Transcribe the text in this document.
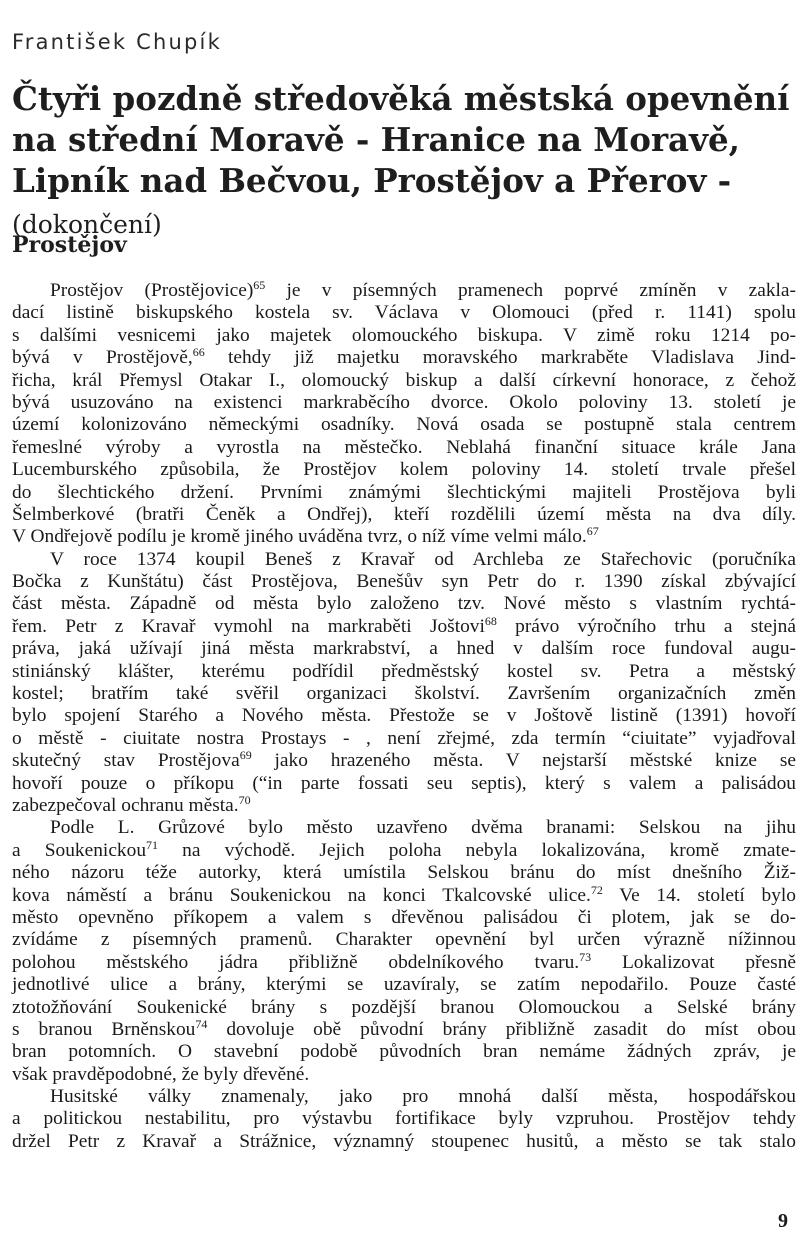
František Chupík
Čtyři pozdně středověká městská opevnění na střední Moravě - Hranice na Moravě, Lipník nad Bečvou, Prostějov a Přerov - (dokončení)
Prostějov
Prostějov (Prostějovice)$^{65}$ je v písemných pramenech poprvé zmíněn v zakla-
dací listině biskupského kostela sv. Václava v Olomouci (před r. 1141) spolu
s dalšími vesnicemi jako majetek olomouckého biskupa. V zimě roku 1214 po-
bývá v Prostějově,$^{66}$ tehdy již majetku moravského markraběte Vladislava Jind-
řicha, král Přemysl Otakar I., olomoucký biskup a další církevní honorace, z čehož
bývá usuzováno na existenci markraběcího dvorce. Okolo poloviny 13. století je
území kolonizováno německými osadníky. Nová osada se postupně stala centrem
řemeslné výroby a vyrostla na městečko. Neblahá finanční situace krále Jana
Lucemburského způsobila, že Prostějov kolem poloviny 14. století trvale přešel
do šlechtického držení. Prvními známými šlechtickými majiteli Prostějova byli
Šelmberkové (bratři Čeněk a Ondřej), kteří rozdělili území města na dva díly.
V Ondřejově podílu je kromě jiného uváděna tvrz, o níž víme velmi málo.$^{67}$
V roce 1374 koupil Beneš z Kravař od Archleba ze Stařechovic (poručníka
Bočka z Kunštátu) část Prostějova, Benešův syn Petr do r. 1390 získal zbývající
část města. Západně od města bylo založeno tzv. Nové město s vlastním rychtá-
řem. Petr z Kravař vymohl na markraběti Joštovi$^{68}$ právo výročního trhu a stejná
práva, jaká užívají jiná města markrabství, a hned v dalším roce fundoval augu-
stiniánský klášter, kterému podřídil předměstský kostel sv. Petra a městský
kostel; bratřím také svěřil organizaci školství. Završením organizačních změn
bylo spojení Starého a Nového města. Přestože se v Joštově listině (1391) hovoří
o městě - ciuitate nostra Prostays - , není zřejmé, zda termín “ciuitate” vyjadřoval
skutečný stav Prostějova$^{69}$ jako hrazeného města. V nejstarší městské knize se
hovoří pouze o příkopu (“in parte fossati seu septis), který s valem a palisádou
zabezpečoval ochranu města.$^{70}$
Podle L. Grůzové bylo město uzavřeno dvěma branami: Selskou na jihu
a Soukenickou$^{71}$ na východě. Jejich poloha nebyla lokalizována, kromě zmate-
ného názoru téže autorky, která umístila Selskou bránu do míst dnešního Žiž-
kova náměstí a bránu Soukenickou na konci Tkalcovské ulice.$^{72}$ Ve 14. století bylo
město opevněno příkopem a valem s dřevěnou palisádou či plotem, jak se do-
zvídáme z písemných pramenů. Charakter opevnění byl určen výrazně nížinnou
polohou městského jádra přibližně obdelníkového tvaru.$^{73}$ Lokalizovat přesně
jednotlivé ulice a brány, kterými se uzavíraly, se zatím nepodařilo. Pouze časté
ztotožňování Soukenické brány s pozdější branou Olomouckou a Selské brány
s branou Brněnskou$^{74}$ dovoluje obě původní brány přibližně zasadit do míst obou
bran potomních. O stavební podobě původních bran nemáme žádných zpráv, je
však pravděpodobné, že byly dřevěné.
Husitské války znamenaly, jako pro mnohá další města, hospodářskou
a politickou nestabilitu, pro výstavbu fortifikace byly vzpruhou. Prostějov tehdy
držel Petr z Kravař a Strážnice, významný stoupenec husitů, a město se tak stalo
9
